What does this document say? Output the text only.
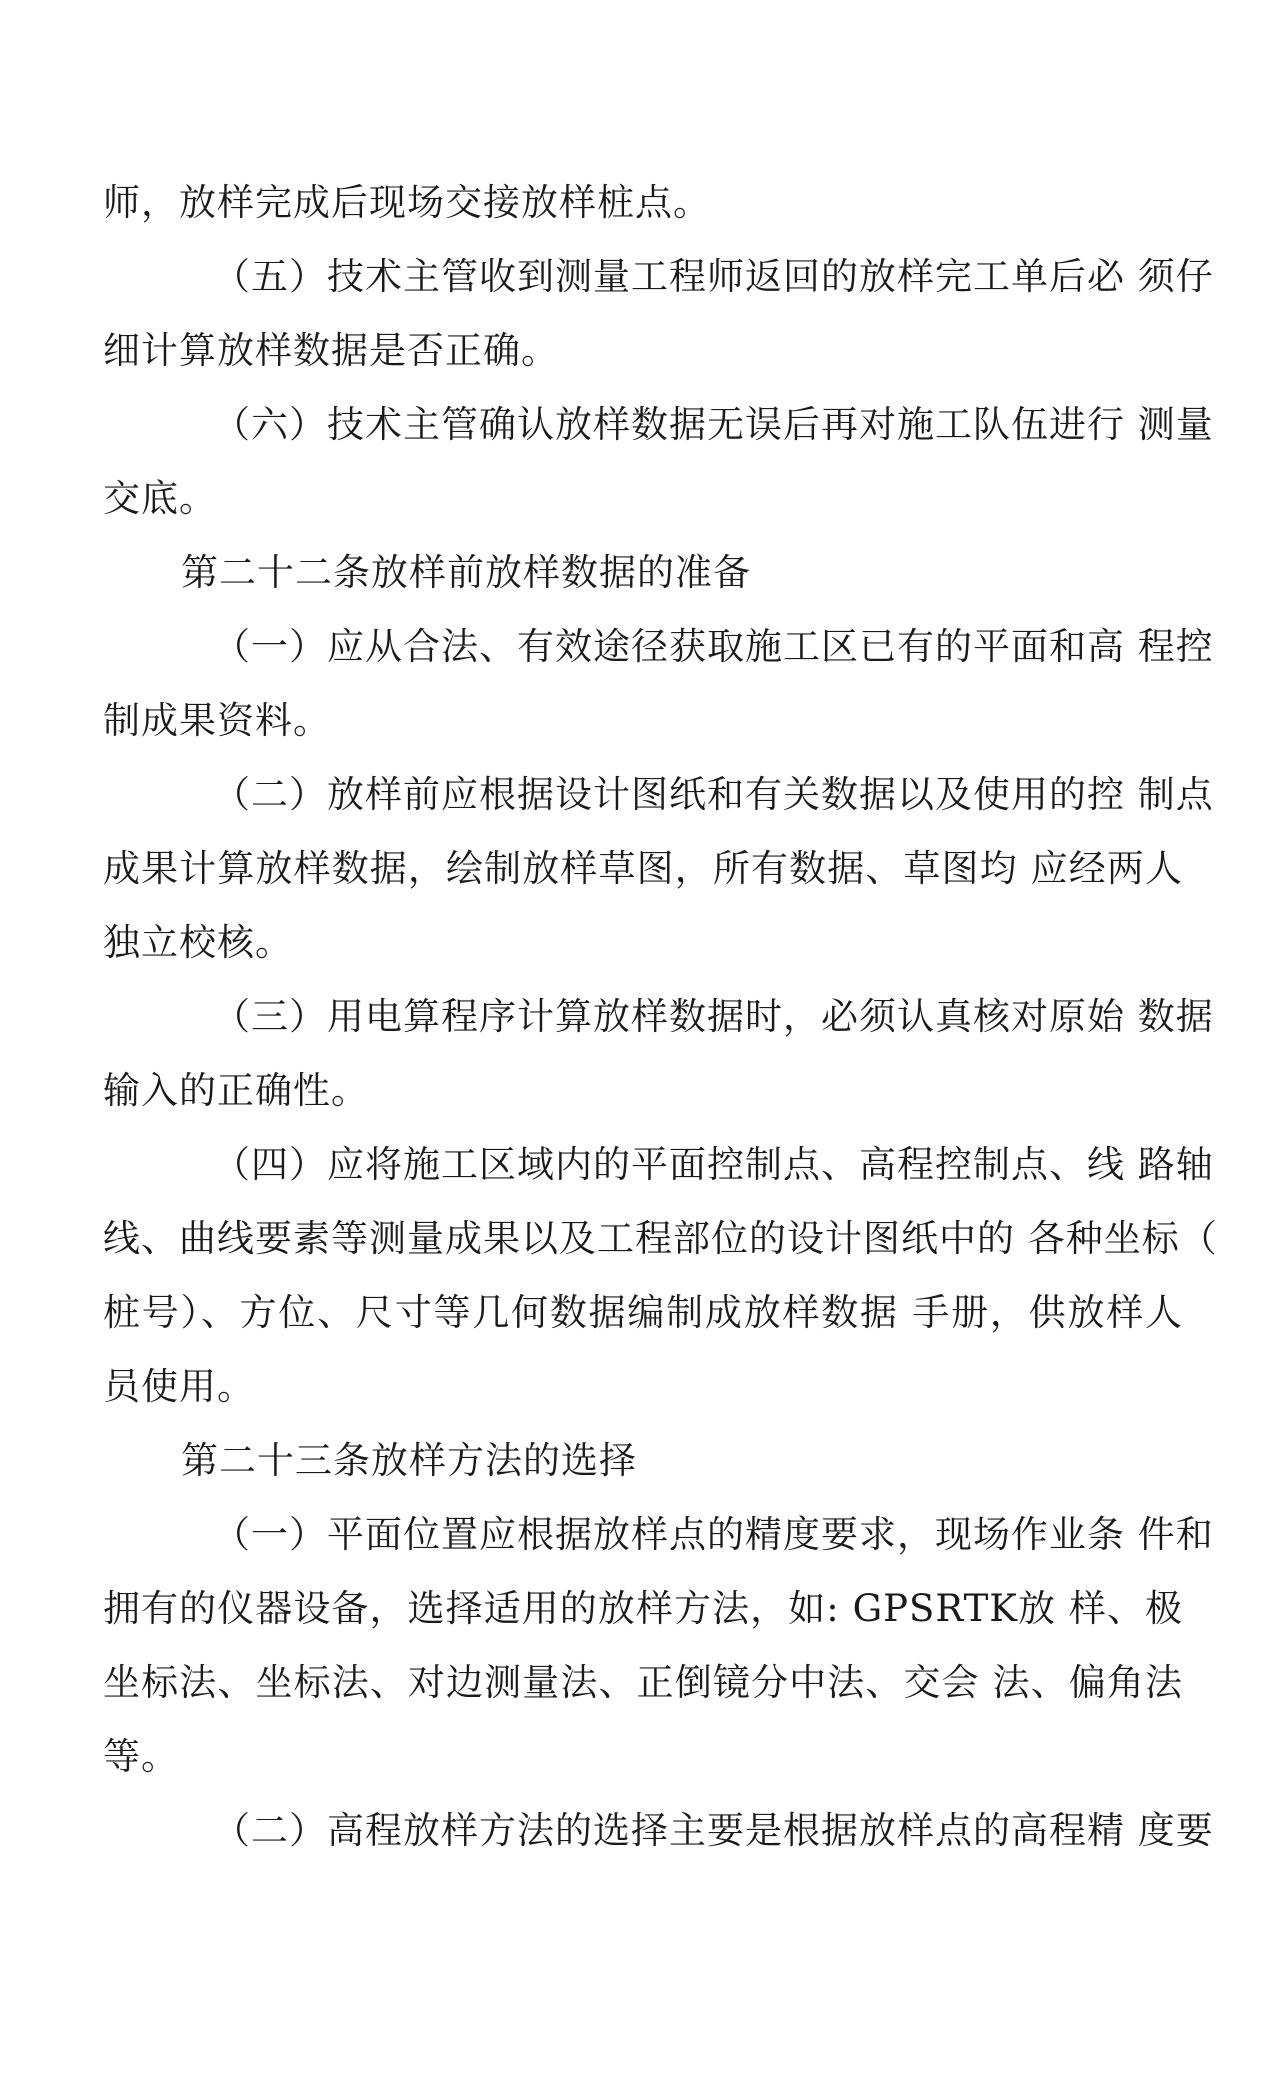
师，放样完成后现场交接放样桩点。
（五）技术主管收到测量工程师返回的放样完工单后必 须仔
细计算放样数据是否正确。
（六）技术主管确认放样数据无误后再对施工队伍进行 测量
交底。
第二十二条放样前放样数据的准备
（一）应从合法、有效途径获取施工区已有的平面和高 程控
制成果资料。
（二）放样前应根据设计图纸和有关数据以及使用的控 制点
成果计算放样数据，绘制放样草图，所有数据、草图均 应经两人
独立校核。
（三）用电算程序计算放样数据时，必须认真核对原始 数据
输入的正确性。
（四）应将施工区域内的平面控制点、高程控制点、线 路轴
线、曲线要素等测量成果以及工程部位的设计图纸中的 各种坐标（
桩号）、方位、尺寸等几何数据编制成放样数据 手册，供放样人
员使用。
第二十三条放样方法的选择
（一）平面位置应根据放样点的精度要求，现场作业条 件和
拥有的仪器设备，选择适用的放样方法，如: GPSRTK放 样、极
坐标法、坐标法、对边测量法、正倒镜分中法、交会 法、偏角法
等。
（二）高程放样方法的选择主要是根据放样点的高程精 度要
